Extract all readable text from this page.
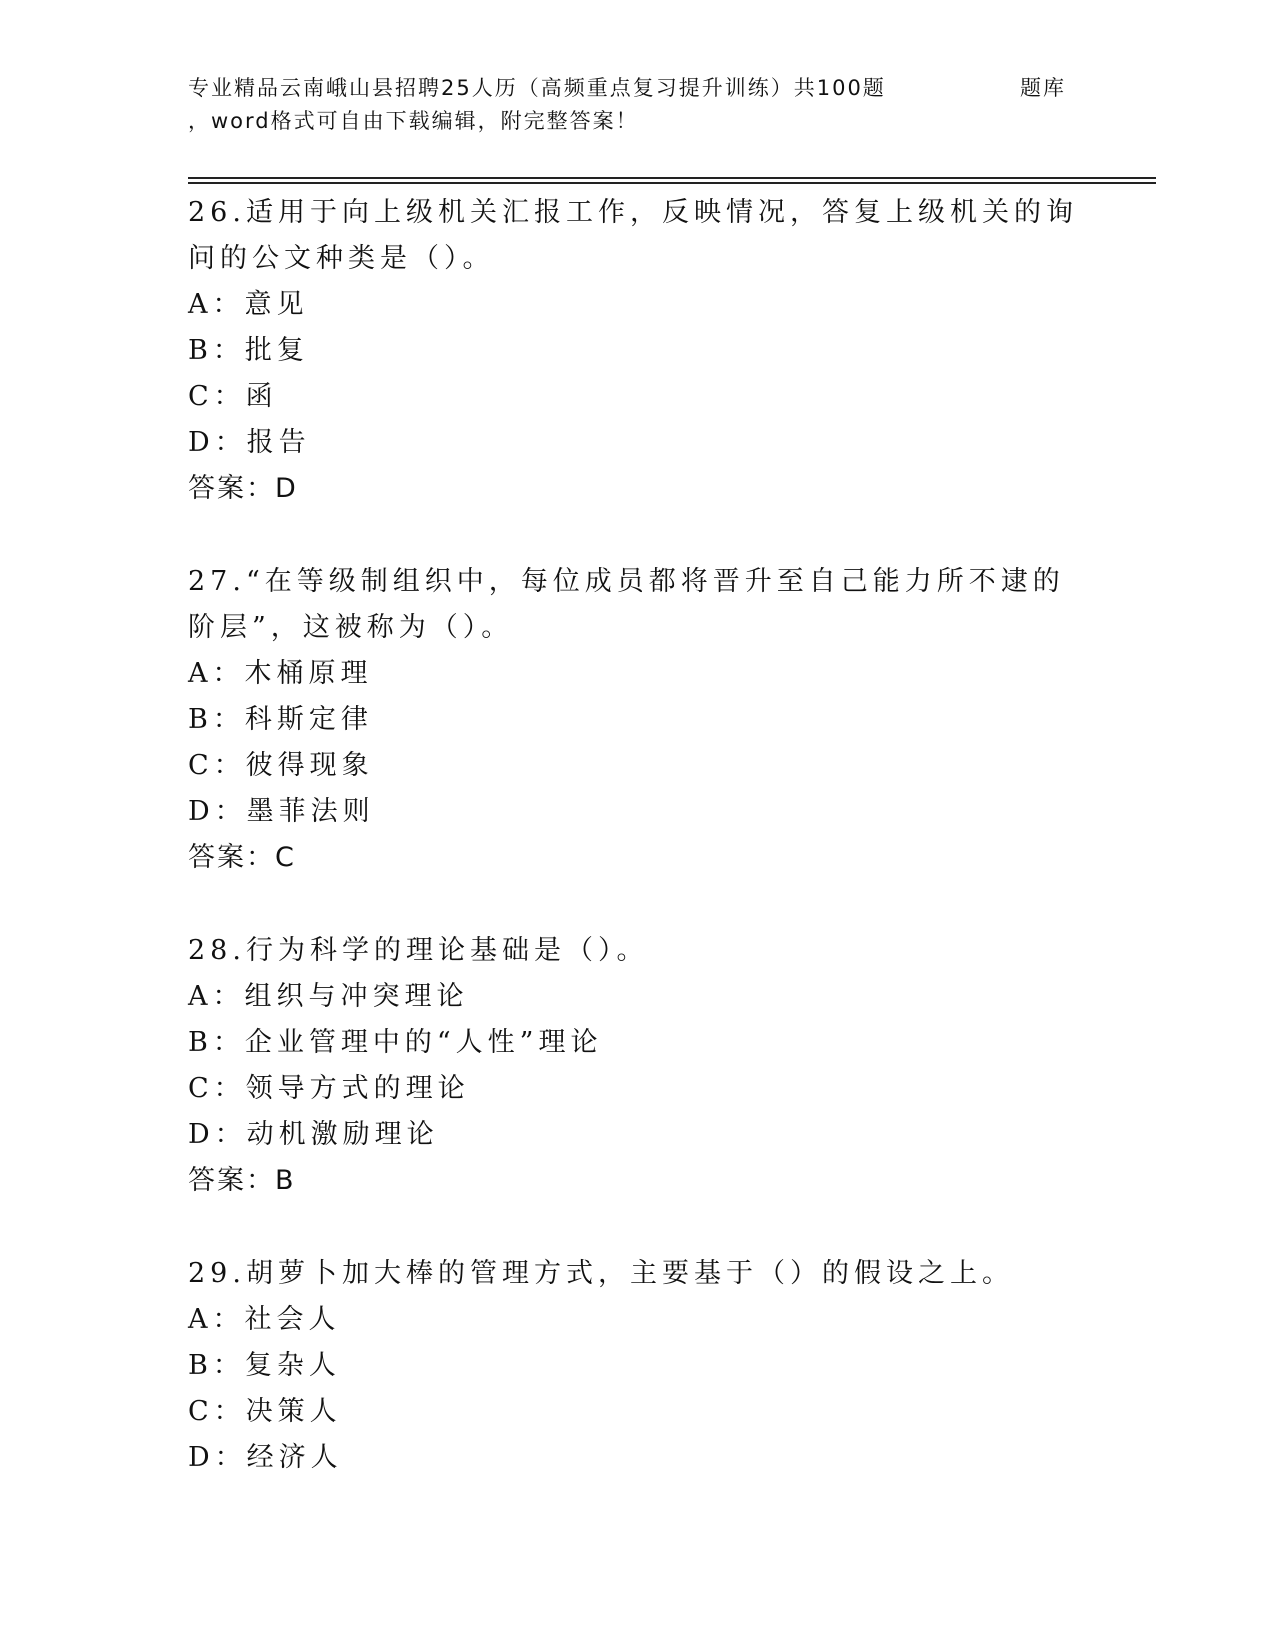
专业精品云南峨山县招聘25人历（高频重点复习提升训练）共100题	题库
，word格式可自由下载编辑，附完整答案！

26.适用于向上级机关汇报工作，反映情况，答复上级机关的询问的公文种类是（）。

A：意见

B：批复

C：函

D：报告

答案：D

27.“在等级制组织中，每位成员都将晋升至自己能力所不逮的阶层”，这被称为（）。

A：木桶原理

B：科斯定律

C：彼得现象

D：墨菲法则

答案：C

28.行为科学的理论基础是（）。

A：组织与冲突理论

B：企业管理中的“人性”理论

C：领导方式的理论

D：动机激励理论

答案：B

29.胡萝卜加大棒的管理方式，主要基于（）的假设之上。

A：社会人

B：复杂人

C：决策人

D：经济人
